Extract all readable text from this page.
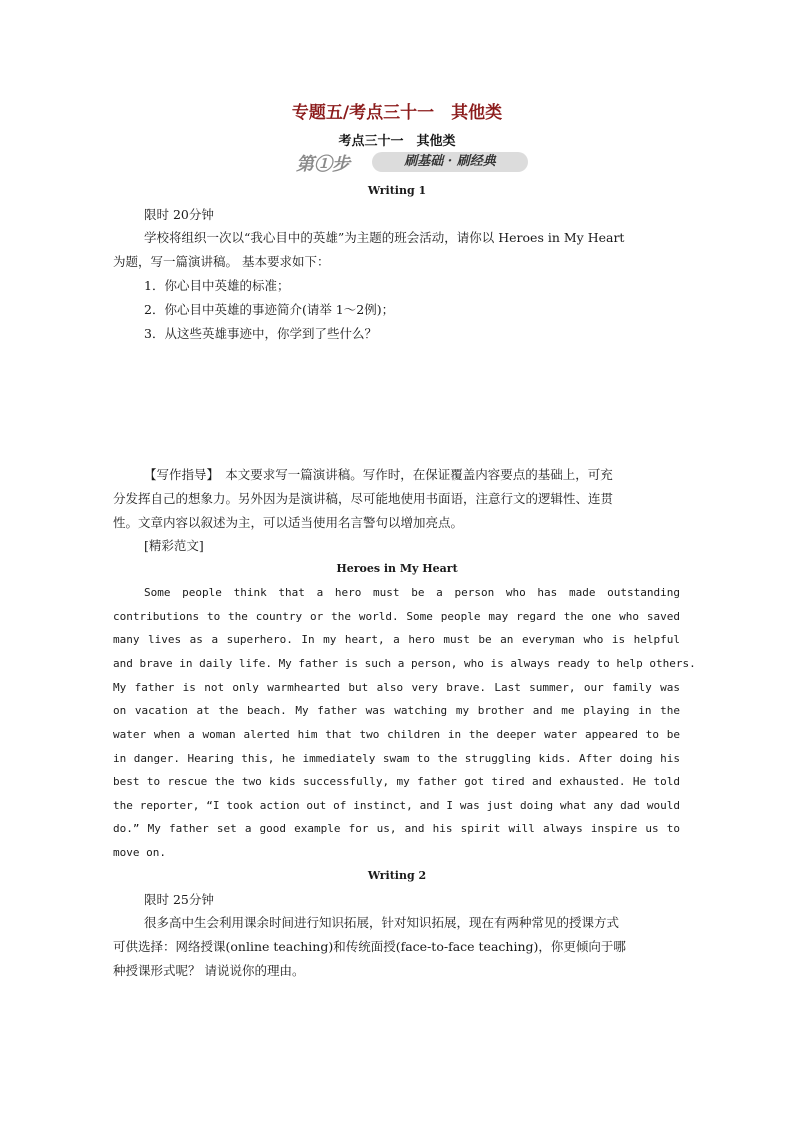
专题五/考点三十一　其他类
考点三十一　其他类
第①步	刷基础 · 刷经典
Writing 1
限时 20分钟
学校将组织一次以“我心目中的英雄”为主题的班会活动，请你以 Heroes in My Heart
为题，写一篇演讲稿。 基本要求如下：
1．你心目中英雄的标准；
2．你心目中英雄的事迹简介(请举 1～2例)；
3．从这些英雄事迹中，你学到了些什么？
【写作指导】　本文要求写一篇演讲稿。写作时，在保证覆盖内容要点的基础上，可充
分发挥自己的想象力。另外因为是演讲稿，尽可能地使用书面语，注意行文的逻辑性、连贯
性。文章内容以叙述为主，可以适当使用名言警句以增加亮点。
[精彩范文]
Heroes in My Heart
Some people think that a hero must be a person who has made outstanding
contributions to the country or the world. Some people may regard the one who saved
many lives as a superhero. In my heart, a hero must be an everyman who is helpful
and brave in daily life. My father is such a person, who is always ready to help others.
My father is not only warmhearted but also very brave. Last summer, our family was
on vacation at the beach. My father was watching my brother and me playing in the
water when a woman alerted him that two children in the deeper water appeared to be
in danger. Hearing this, he immediately swam to the struggling kids. After doing his
best to rescue the two kids successfully, my father got tired and exhausted. He told
the reporter, “I took action out of instinct, and I was just doing what any dad would
do.” My father set a good example for us, and his spirit will always inspire us to
move on.
Writing 2
限时 25分钟
很多高中生会利用课余时间进行知识拓展，针对知识拓展，现在有两种常见的授课方式
可供选择：网络授课(online teaching)和传统面授(face-to-face teaching)，你更倾向于哪
种授课形式呢？ 请说说你的理由。
